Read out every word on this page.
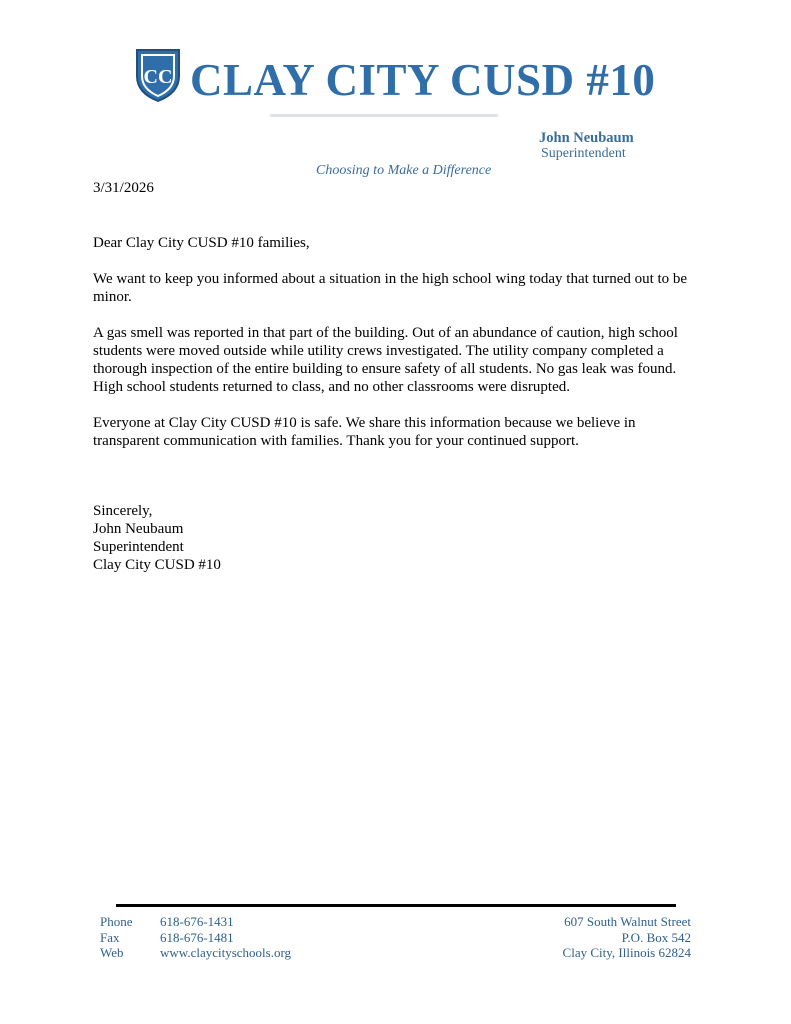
CC CLAY CITY CUSD #10
John Neubaum
Superintendent
Choosing to Make a Difference
3/31/2026

Dear Clay City CUSD #10 families,

We want to keep you informed about a situation in the high school wing today that turned out to be minor.

A gas smell was reported in that part of the building. Out of an abundance of caution, high school students were moved outside while utility crews investigated. The utility company completed a thorough inspection of the entire building to ensure safety of all students. No gas leak was found. High school students returned to class, and no other classrooms were disrupted.

Everyone at Clay City CUSD #10 is safe. We share this information because we believe in transparent communication with families. Thank you for your continued support.

Sincerely,
John Neubaum
Superintendent
Clay City CUSD #10
Phone 618-676-1431
Fax	618-676-1481
Web	www.claycityschools.org
607 South Walnut Street
P.O. Box 542
Clay City, Illinois 62824
